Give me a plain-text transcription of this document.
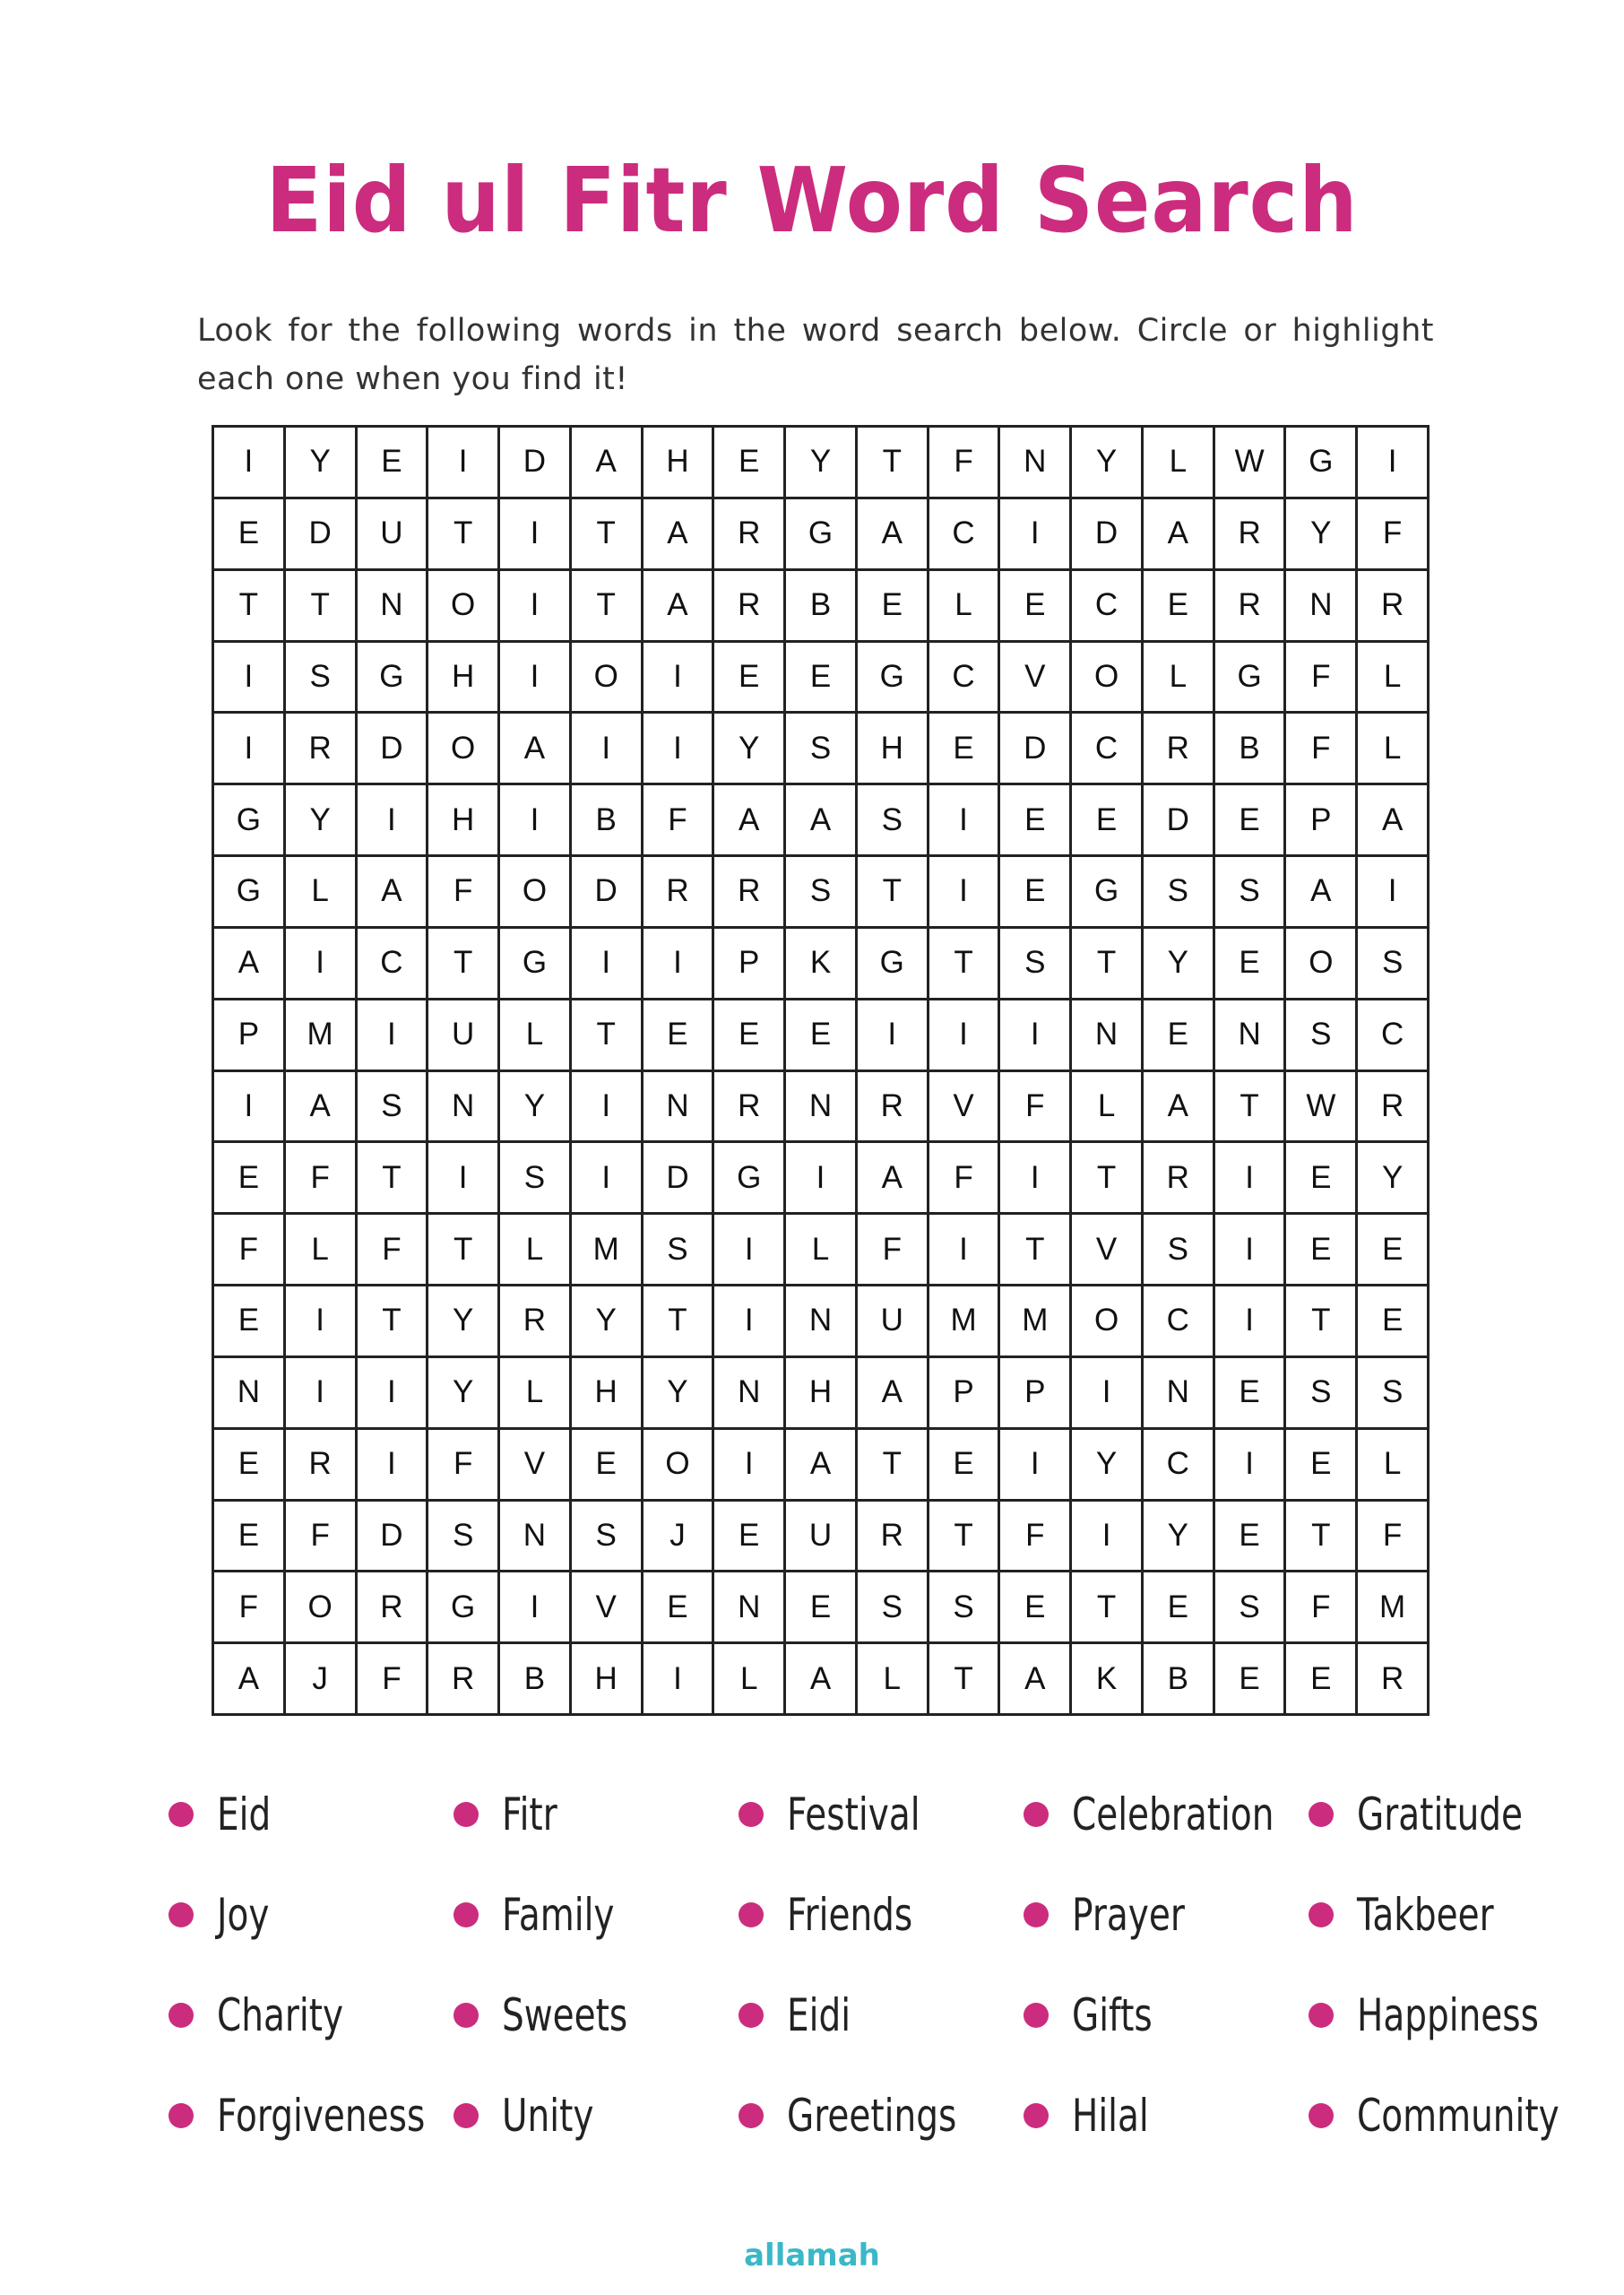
Eid ul Fitr Word Search
Look for the following words in the word search below. Circle or highlight each one when you find it!
I	Y	E	I	D	A	H	E	Y	T	F	N	Y	L	W	G	I
E	D	U	T	I	T	A	R	G	A	C	I	D	A	R	Y	F
T	T	N	O	I	T	A	R	B	E	L	E	C	E	R	N	R
I	S	G	H	I	O	I	E	E	G	C	V	O	L	G	F	L
I	R	D	O	A	I	I	Y	S	H	E	D	C	R	B	F	L
G	Y	I	H	I	B	F	A	A	S	I	E	E	D	E	P	A
G	L	A	F	O	D	R	R	S	T	I	E	G	S	S	A	I
A	I	C	T	G	I	I	P	K	G	T	S	T	Y	E	O	S
P	M	I	U	L	T	E	E	E	I	I	I	N	E	N	S	C
I	A	S	N	Y	I	N	R	N	R	V	F	L	A	T	W	R
E	F	T	I	S	I	D	G	I	A	F	I	T	R	I	E	Y
F	L	F	T	L	M	S	I	L	F	I	T	V	S	I	E	E
E	I	T	Y	R	Y	T	I	N	U	M	M	O	C	I	T	E
N	I	I	Y	L	H	Y	N	H	A	P	P	I	N	E	S	S
E	R	I	F	V	E	O	I	A	T	E	I	Y	C	I	E	L
E	F	D	S	N	S	J	E	U	R	T	F	I	Y	E	T	F
F	O	R	G	I	V	E	N	E	S	S	E	T	E	S	F	M
A	J	F	R	B	H	I	L	A	L	T	A	K	B	E	E	R
Eid	Fitr	Festival	Celebration Gratitude
Joy	Family	Friends	Prayer	Takbeer
Charity	Sweets	Eidi	Gifts	Happiness
Forgiveness Unity	Greetings	Hilal	Community
allamah
